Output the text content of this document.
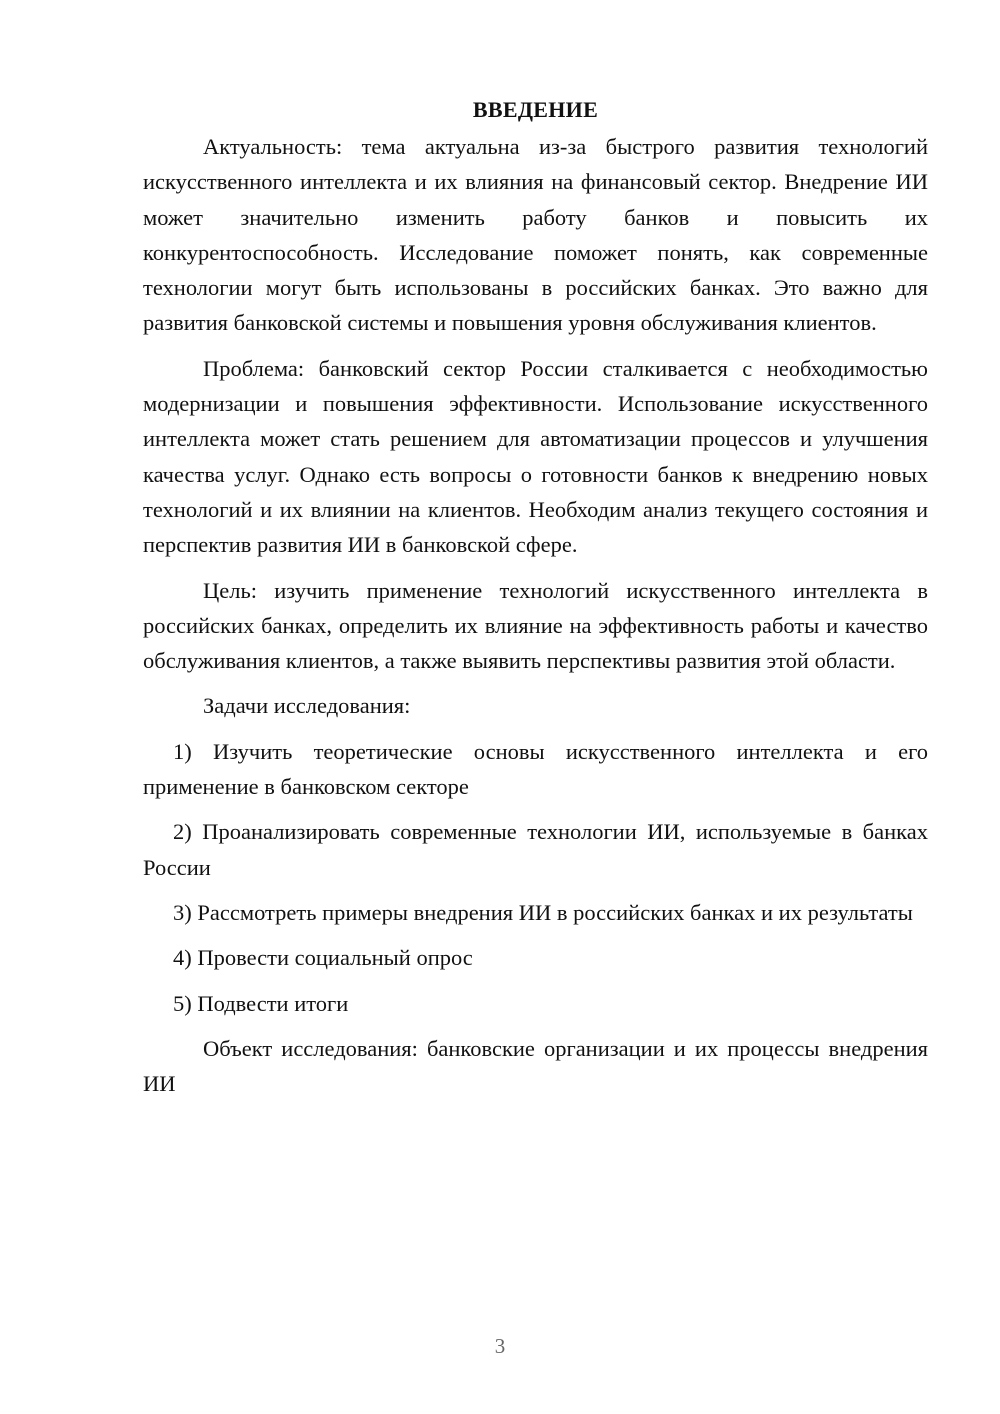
ВВЕДЕНИЕ

Актуальность: тема актуальна из-за быстрого развития технологий искусственного интеллекта и их влияния на финансовый сектор. Внедрение ИИ может значительно изменить работу банков и повысить их конкурентоспособность. Исследование поможет понять, как современные технологии могут быть использованы в российских банках. Это важно для развития банковской системы и повышения уровня обслуживания клиентов.

Проблема: банковский сектор России сталкивается с необходимостью модернизации и повышения эффективности. Использование искусственного интеллекта может стать решением для автоматизации процессов и улучшения качества услуг. Однако есть вопросы о готовности банков к внедрению новых технологий и их влиянии на клиентов. Необходим анализ текущего состояния и перспектив развития ИИ в банковской сфере.

Цель: изучить применение технологий искусственного интеллекта в российских банках, определить их влияние на эффективность работы и качество обслуживания клиентов, а также выявить перспективы развития этой области.

Задачи исследования:

1) Изучить теоретические основы искусственного интеллекта и его применение в банковском секторе

2) Проанализировать современные технологии ИИ, используемые в банках России

3) Рассмотреть примеры внедрения ИИ в российских банках и их результаты

4) Провести социальный опрос

5) Подвести итоги

Объект исследования: банковские организации и их процессы внедрения ИИ

3
